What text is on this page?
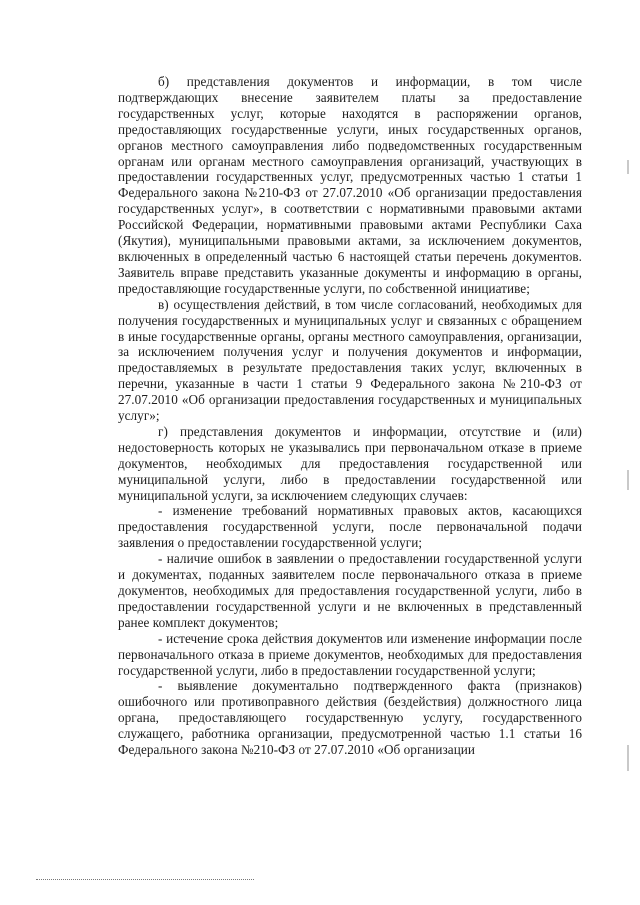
б) представления документов и информации, в том числе подтверждающих внесение заявителем платы за предоставление государственных услуг, которые находятся в распоряжении органов, предоставляющих государственные услуги, иных государственных органов, органов местного самоуправления либо подведомственных государственным органам или органам местного самоуправления организаций, участвующих в предоставлении государственных услуг, предусмотренных частью 1 статьи 1 Федерального закона №210-ФЗ от 27.07.2010 «Об организации предоставления государственных услуг», в соответствии с нормативными правовыми актами Российской Федерации, нормативными правовыми актами Республики Саха (Якутия), муниципальными правовыми актами, за исключением документов, включенных в определенный частью 6 настоящей статьи перечень документов. Заявитель вправе представить указанные документы и информацию в органы, предоставляющие государственные услуги, по собственной инициативе;

в) осуществления действий, в том числе согласований, необходимых для получения государственных и муниципальных услуг и связанных с обращением в иные государственные органы, органы местного самоуправления, организации, за исключением получения услуг и получения документов и информации, предоставляемых в результате предоставления таких услуг, включенных в перечни, указанные в части 1 статьи 9 Федерального закона №210-ФЗ от 27.07.2010 «Об организации предоставления государственных и муниципальных услуг»;

г) представления документов и информации, отсутствие и (или) недостоверность которых не указывались при первоначальном отказе в приеме документов, необходимых для предоставления государственной или муниципальной услуги, либо в предоставлении государственной или муниципальной услуги, за исключением следующих случаев:

- изменение требований нормативных правовых актов, касающихся предоставления государственной услуги, после первоначальной подачи заявления о предоставлении государственной услуги;

- наличие ошибок в заявлении о предоставлении государственной услуги и документах, поданных заявителем после первоначального отказа в приеме документов, необходимых для предоставления государственной услуги, либо в предоставлении государственной услуги и не включенных в представленный ранее комплект документов;

- истечение срока действия документов или изменение информации после первоначального отказа в приеме документов, необходимых для предоставления государственной услуги, либо в предоставлении государственной услуги;

- выявление документально подтвержденного факта (признаков) ошибочного или противоправного действия (бездействия) должностного лица органа, предоставляющего государственную услугу, государственного служащего, работника организации, предусмотренной частью 1.1 статьи 16 Федерального закона №210-ФЗ от 27.07.2010 «Об организации
